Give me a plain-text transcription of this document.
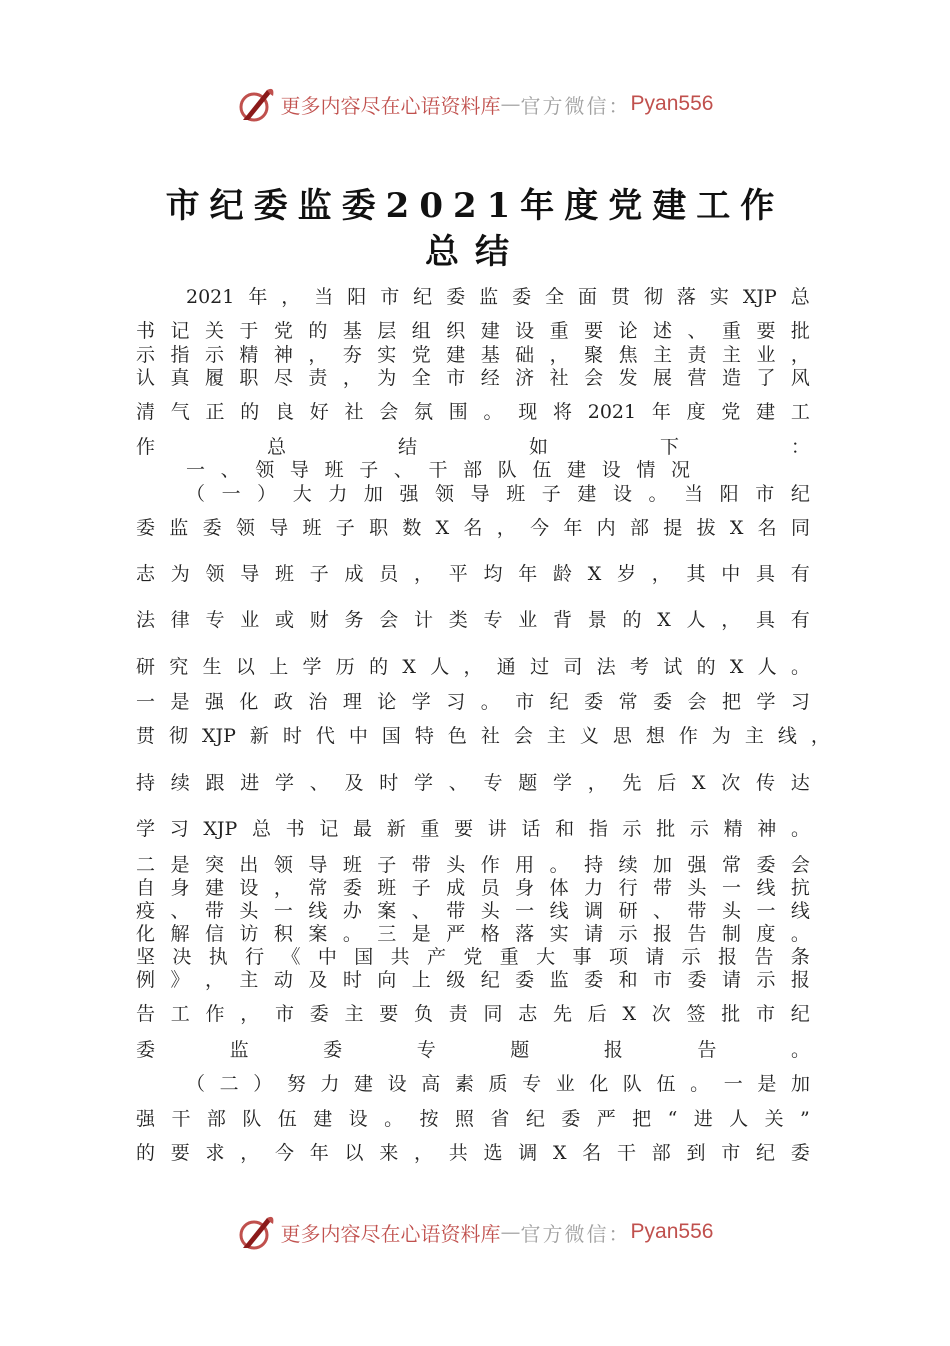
更多内容尽在心语资料库 — 官方微信： Pyan556
市纪委监委2021年度党建工作
总结
2021 年 ， 当 阳 市 纪 委 监 委 全 面 贯 彻 落 实 XJP 总
书 记 关 于 党 的 基 层 组 织 建 设 重 要 论 述 、 重 要 批
示 指 示 精 神 ， 夯 实 党 建 基 础 ， 聚 焦 主 责 主 业 ，
认 真 履 职 尽 责 ， 为 全 市 经 济 社 会 发 展 营 造 了 风
清 气 正 的 良 好 社 会 氛 围 。 现 将 2021 年 度 党 建 工
作	总	结	如	下	：
一 、 领 导 班 子 、 干 部 队 伍 建 设 情 况
（ 一 ） 大 力 加 强 领 导 班 子 建 设 。 当 阳 市 纪
委 监 委 领 导 班 子 职 数 X 名 ， 今 年 内 部 提 拔 X 名 同
志 为 领 导 班 子 成 员 ， 平 均 年 龄 X 岁 ， 其 中 具 有
法 律 专 业 或 财 务 会 计 类 专 业 背 景 的 X 人 ， 具 有
研 究 生 以 上 学 历 的 X 人 ， 通 过 司 法 考 试 的 X 人 。
一 是 强 化 政 治 理 论 学 习 。 市 纪 委 常 委 会 把 学 习
贯 彻 XJP 新 时 代 中 国 特 色 社 会 主 义 思 想 作 为 主 线 ，
持 续 跟 进 学 、 及 时 学 、 专 题 学 ， 先 后 X 次 传 达
学 习 XJP 总 书 记 最 新 重 要 讲 话 和 指 示 批 示 精 神 。
二 是 突 出 领 导 班 子 带 头 作 用 。 持 续 加 强 常 委 会
自 身 建 设 ， 常 委 班 子 成 员 身 体 力 行 带 头 一 线 抗
疫 、 带 头 一 线 办 案 、 带 头 一 线 调 研 、 带 头 一 线
化 解 信 访 积 案 。 三 是 严 格 落 实 请 示 报 告 制 度 。
坚 决 执 行 《 中 国 共 产 党 重 大 事 项 请 示 报 告 条
例 》 ， 主 动 及 时 向 上 级 纪 委 监 委 和 市 委 请 示 报
告 工 作 ， 市 委 主 要 负 责 同 志 先 后 X 次 签 批 市 纪
委	监	委	专	题	报	告	。
（ 二 ） 努 力 建 设 高 素 质 专 业 化 队 伍 。 一 是 加
强 干 部 队 伍 建 设 。 按 照 省 纪 委 严 把 “ 进 人 关 ”
的 要 求 ， 今 年 以 来 ， 共 选 调 X 名 干 部 到 市 纪 委
更多内容尽在心语资料库 — 官方微信： Pyan556
